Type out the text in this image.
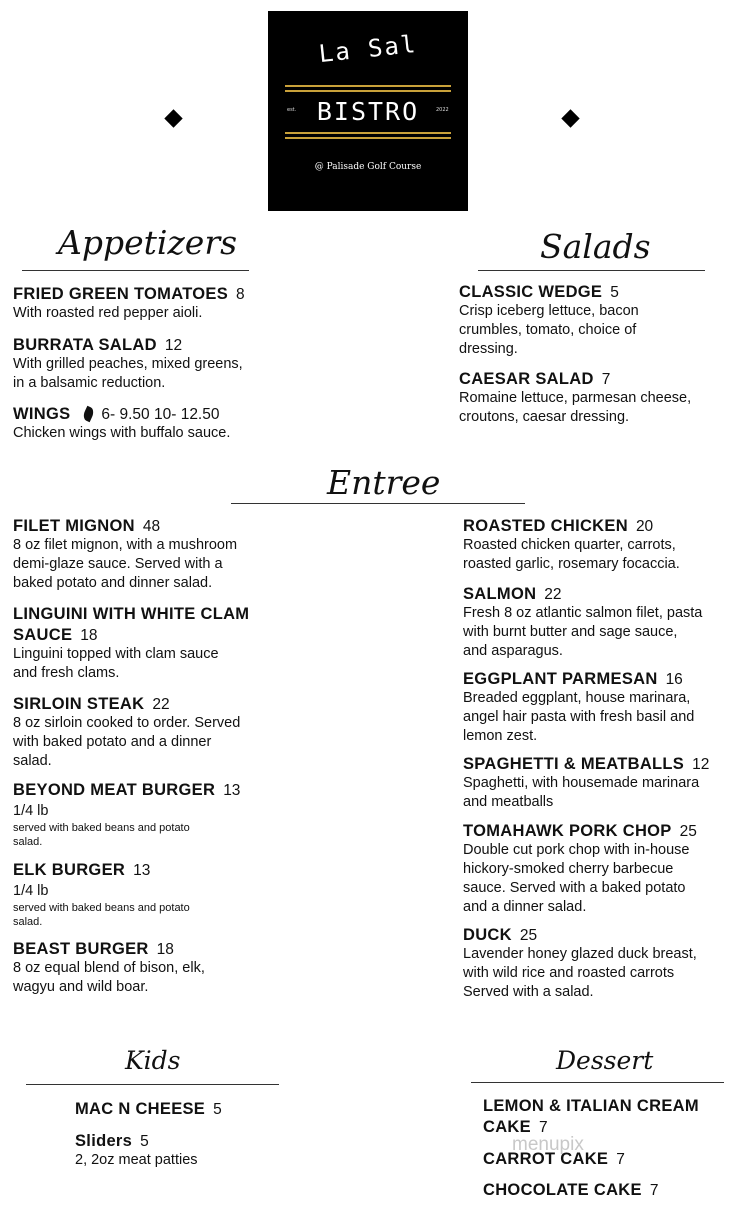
La Sal
est. BISTRO	2022
@ Palisade Golf Course
Appetizers	Salads
FRIED GREEN TOMATOES 8
With roasted red pepper aioli.
BURRATA SALAD 12
With grilled peaches, mixed greens,
in a balsamic reduction.
WINGS 6- 9.50 10- 12.50
Chicken wings with buffalo sauce.
CLASSIC WEDGE 5
Crisp iceberg lettuce, bacon
crumbles, tomato, choice of
dressing.
CAESAR SALAD 7
Romaine lettuce, parmesan cheese,
croutons, caesar dressing.
Entree
FILET MIGNON 48
8 oz filet mignon, with a mushroom
demi-glaze sauce. Served with a
baked potato and dinner salad.
LINGUINI WITH WHITE CLAM
SAUCE 18
Linguini topped with clam sauce
and fresh clams.
SIRLOIN STEAK 22
8 oz sirloin cooked to order. Served
with baked potato and a dinner
salad.
BEYOND MEAT BURGER 13
1/4 lb
served with baked beans and potato
salad.
ELK BURGER 13
1/4 lb
served with baked beans and potato
salad.
BEAST BURGER 18
8 oz equal blend of bison, elk,
wagyu and wild boar.
ROASTED CHICKEN 20
Roasted chicken quarter, carrots,
roasted garlic, rosemary focaccia.
SALMON 22
Fresh 8 oz atlantic salmon filet, pasta
with burnt butter and sage sauce,
and asparagus.
EGGPLANT PARMESAN 16
Breaded eggplant, house marinara,
angel hair pasta with fresh basil and
lemon zest.
SPAGHETTI & MEATBALLS 12
Spaghetti, with housemade marinara
and meatballs
TOMAHAWK PORK CHOP 25
Double cut pork chop with in-house
hickory-smoked cherry barbecue
sauce. Served with a baked potato
and a dinner salad.
DUCK 25
Lavender honey glazed duck breast,
with wild rice and roasted carrots
Served with a salad.
Kids
MAC N CHEESE 5
Sliders 5
2, 2oz meat patties
Dessert
LEMON & ITALIAN CREAM
CAKE 7
CARROT CAKE 7
CHOCOLATE CAKE 7
menupix
